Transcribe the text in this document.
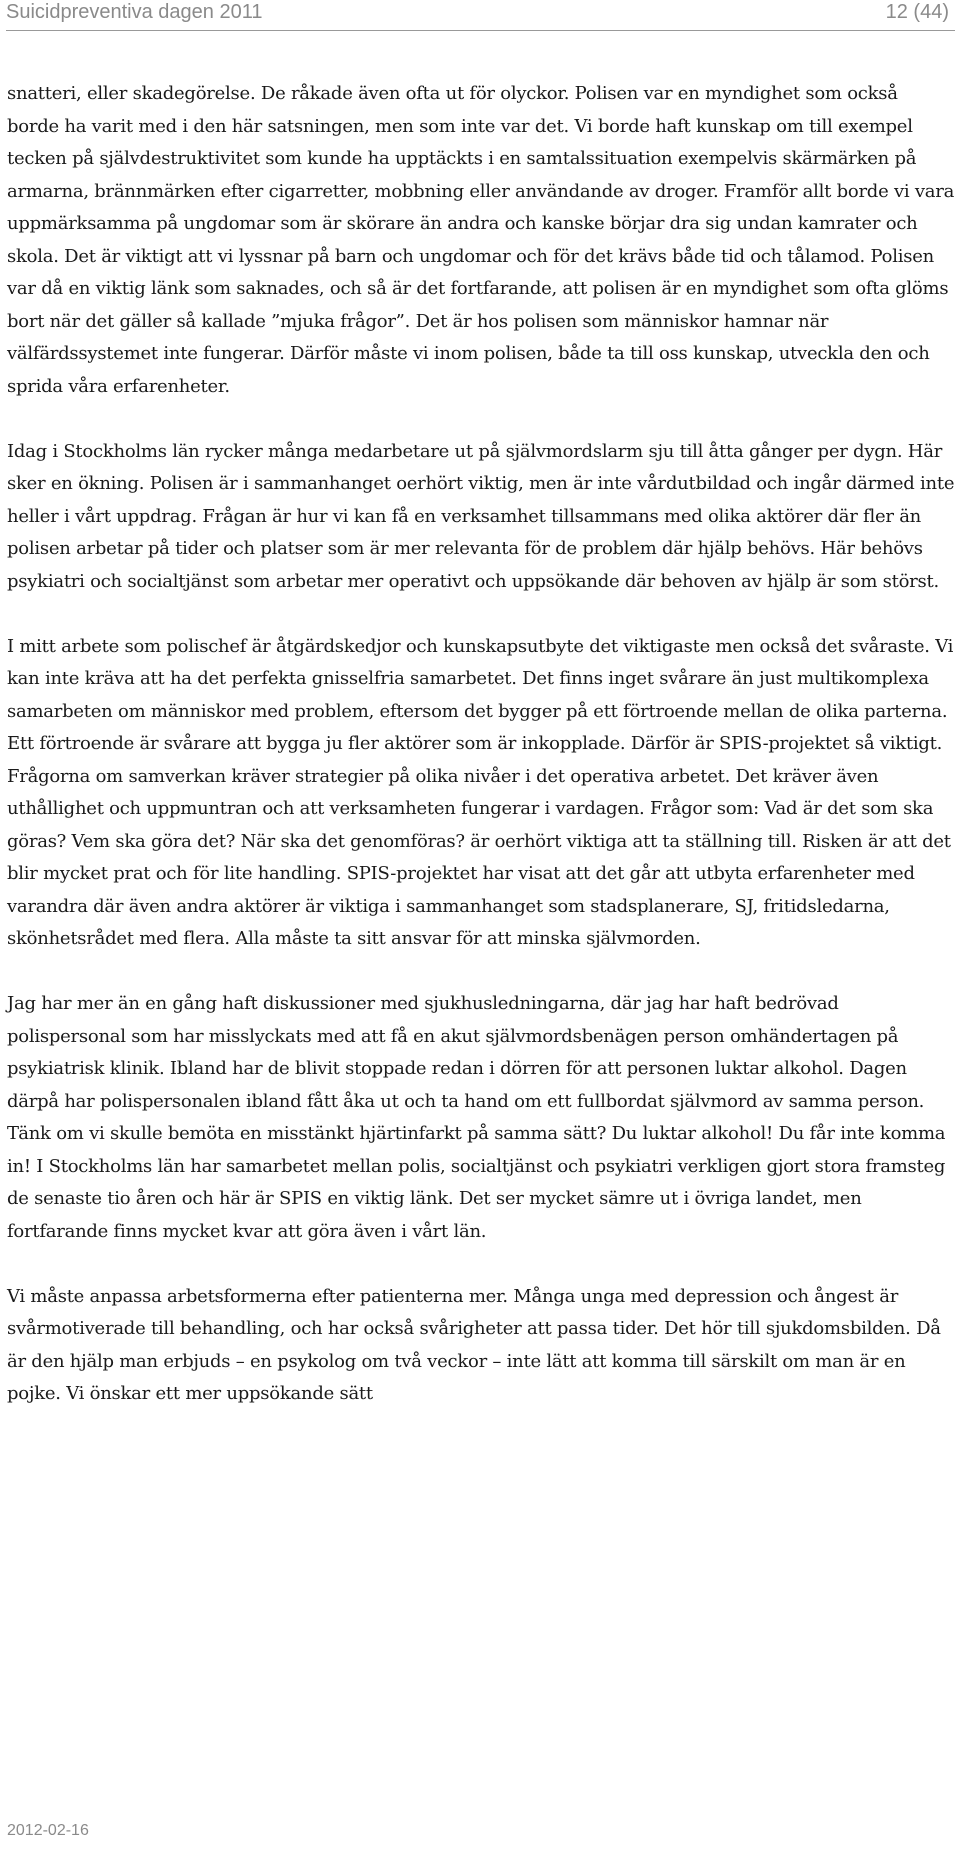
Suicidpreventiva dagen 2011	12 (44)

snatteri, eller skadegörelse. De råkade även ofta ut för olyckor. Polisen var en myndighet som också borde ha varit med i den här satsningen, men som inte var det. Vi borde haft kunskap om till exempel tecken på självdestruktivitet som kunde ha upptäckts i en samtalssituation exempelvis skärmärken på armarna, brännmärken efter cigarretter, mobbning eller användande av droger. Framför allt borde vi vara uppmärksamma på ungdomar som är skörare än andra och kanske börjar dra sig undan kamrater och skola. Det är viktigt att vi lyssnar på barn och ungdomar och för det krävs både tid och tålamod. Polisen var då en viktig länk som saknades, och så är det fortfarande, att polisen är en myndighet som ofta glöms bort när det gäller så kallade ”mjuka frågor”. Det är hos polisen som människor hamnar när välfärdssystemet inte fungerar. Därför måste vi inom polisen, både ta till oss kunskap, utveckla den och sprida våra erfarenheter.

Idag i Stockholms län rycker många medarbetare ut på självmordslarm sju till åtta gånger per dygn. Här sker en ökning. Polisen är i sammanhanget oerhört viktig, men är inte vårdutbildad och ingår därmed inte heller i vårt uppdrag. Frågan är hur vi kan få en verksamhet tillsammans med olika aktörer där fler än polisen arbetar på tider och platser som är mer relevanta för de problem där hjälp behövs. Här behövs psykiatri och socialtjänst som arbetar mer operativt och uppsökande där behoven av hjälp är som störst.

I mitt arbete som polischef är åtgärdskedjor och kunskapsutbyte det viktigaste men också det svåraste. Vi kan inte kräva att ha det perfekta gnisselfria samarbetet. Det finns inget svårare än just multikomplexa samarbeten om människor med problem, eftersom det bygger på ett förtroende mellan de olika parterna. Ett förtroende är svårare att bygga ju fler aktörer som är inkopplade. Därför är SPIS-projektet så viktigt. Frågorna om samverkan kräver strategier på olika nivåer i det operativa arbetet. Det kräver även uthållighet och uppmuntran och att verksamheten fungerar i vardagen. Frågor som: Vad är det som ska göras? Vem ska göra det? När ska det genomföras? är oerhört viktiga att ta ställning till. Risken är att det blir mycket prat och för lite handling. SPIS-projektet har visat att det går att utbyta erfarenheter med varandra där även andra aktörer är viktiga i sammanhanget som stadsplanerare, SJ, fritidsledarna, skönhetsrådet med flera. Alla måste ta sitt ansvar för att minska självmorden.

Jag har mer än en gång haft diskussioner med sjukhusledningarna, där jag har haft bedrövad polispersonal som har misslyckats med att få en akut självmordsbenägen person omhändertagen på psykiatrisk klinik. Ibland har de blivit stoppade redan i dörren för att personen luktar alkohol. Dagen därpå har polispersonalen ibland fått åka ut och ta hand om ett fullbordat självmord av samma person. Tänk om vi skulle bemöta en misstänkt hjärtinfarkt på samma sätt? Du luktar alkohol! Du får inte komma in! I Stockholms län har samarbetet mellan polis, socialtjänst och psykiatri verkligen gjort stora framsteg de senaste tio åren och här är SPIS en viktig länk. Det ser mycket sämre ut i övriga landet, men fortfarande finns mycket kvar att göra även i vårt län.

Vi måste anpassa arbetsformerna efter patienterna mer. Många unga med depression och ångest är svårmotiverade till behandling, och har också svårigheter att passa tider. Det hör till sjukdomsbilden. Då är den hjälp man erbjuds – en psykolog om två veckor – inte lätt att komma till särskilt om man är en pojke. Vi önskar ett mer uppsökande sätt

2012-02-16
